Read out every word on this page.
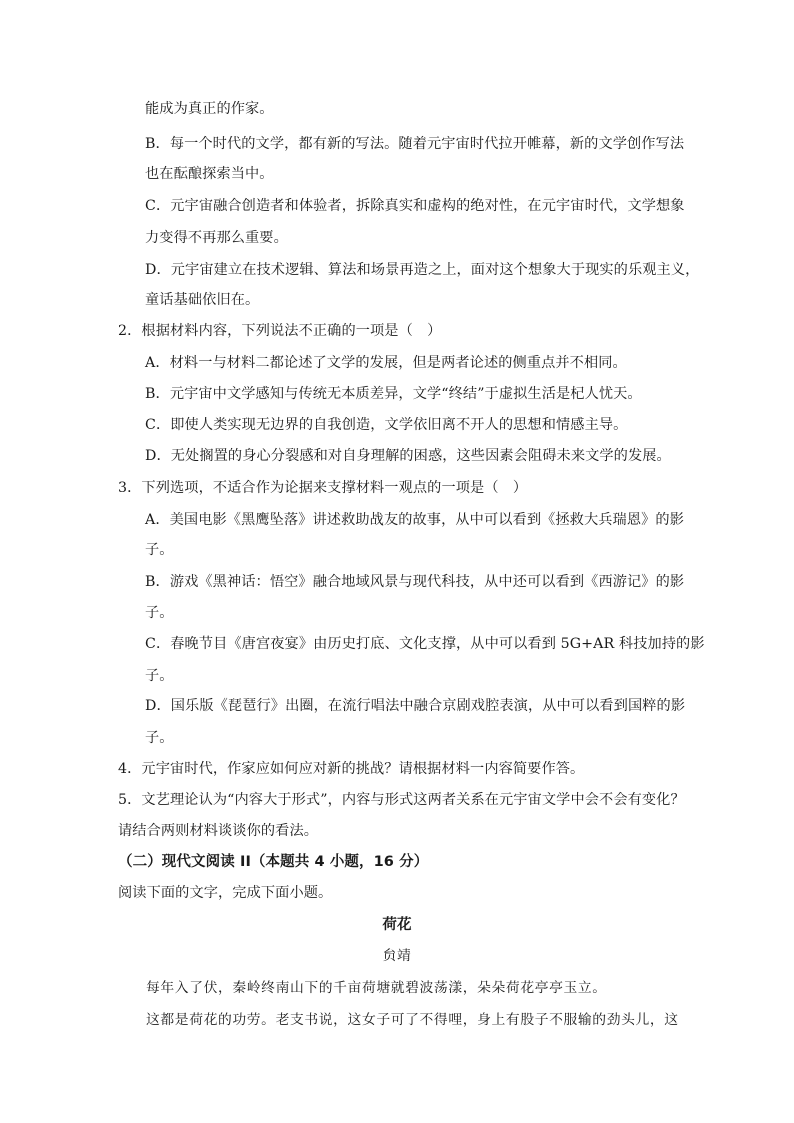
能成为真正的作家。
B．每一个时代的文学，都有新的写法。随着元宇宙时代拉开帷幕，新的文学创作写法
也在酝酿探索当中。
C．元宇宙融合创造者和体验者，拆除真实和虚构的绝对性，在元宇宙时代，文学想象
力变得不再那么重要。
D．元宇宙建立在技术逻辑、算法和场景再造之上，面对这个想象大于现实的乐观主义，
童话基础依旧在。
2．根据材料内容，下列说法不正确的一项是（　）
A．材料一与材料二都论述了文学的发展，但是两者论述的侧重点并不相同。
B．元宇宙中文学感知与传统无本质差异，文学“终结”于虚拟生活是杞人忧天。
C．即使人类实现无边界的自我创造，文学依旧离不开人的思想和情感主导。
D．无处搁置的身心分裂感和对自身理解的困惑，这些因素会阻碍未来文学的发展。
3．下列选项，不适合作为论据来支撑材料一观点的一项是（　）
A．美国电影《黑鹰坠落》讲述救助战友的故事，从中可以看到《拯救大兵瑞恩》的影
子。
B．游戏《黑神话：悟空》融合地域风景与现代科技，从中还可以看到《西游记》的影
子。
C．春晚节目《唐宫夜宴》由历史打底、文化支撑，从中可以看到 5G+AR 科技加持的影
子。
D．国乐版《琵琶行》出圈，在流行唱法中融合京剧戏腔表演，从中可以看到国粹的影
子。
4．元宇宙时代，作家应如何应对新的挑战？请根据材料一内容简要作答。
5．文艺理论认为“内容大于形式”，内容与形式这两者关系在元宇宙文学中会不会有变化？
请结合两则材料谈谈你的看法。
（二）现代文阅读 II（本题共 4 小题，16 分）
阅读下面的文字，完成下面小题。
荷花
贠靖
每年入了伏，秦岭终南山下的千亩荷塘就碧波荡漾，朵朵荷花亭亭玉立。
这都是荷花的功劳。老支书说，这女子可了不得哩，身上有股子不服输的劲头儿，这
